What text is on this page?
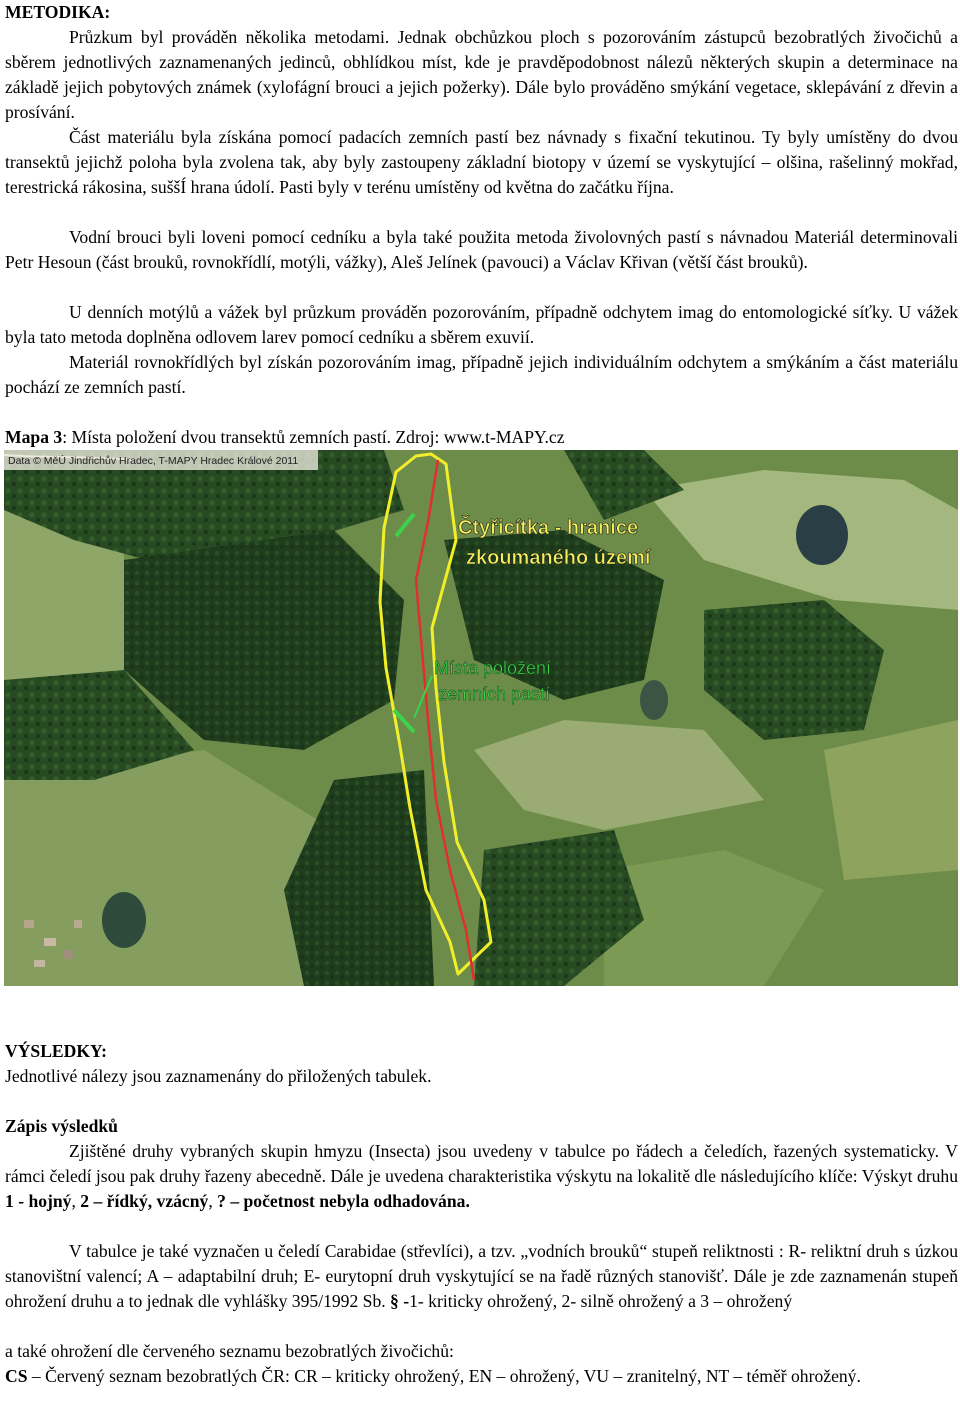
METODIKA:

Průzkum byl prováděn několika metodami. Jednak obchůzkou ploch s pozorováním zástupců bezobratlých živočichů a sběrem jednotlivých zaznamenaných jedinců, obhlídkou míst, kde je pravděpodobnost nálezů některých skupin a determinace na základě jejich pobytových známek (xylofágní brouci a jejich požerky). Dále bylo prováděno smýkání vegetace, sklepávání z dřevin a prosívání.

Část materiálu byla získána pomocí padacích zemních pastí bez návnady s fixační tekutinou. Ty byly umístěny do dvou transektů jejichž poloha byla zvolena tak, aby byly zastoupeny základní biotopy v území se vyskytující – olšina, rašelinný mokřad, terestrická rákosina, suššÍ hrana údolí. Pasti byly v terénu umístěny od května do začátku října.

Vodní brouci byli loveni pomocí cedníku a byla také použita metoda živolovných pastí s návnadou Materiál determinovali Petr Hesoun (část brouků, rovnokřídlí, motýli, vážky), Aleš Jelínek (pavouci) a Václav Křivan (větší část brouků).

U denních motýlů a vážek byl průzkum prováděn pozorováním, případně odchytem imag do entomologické síťky. U vážek byla tato metoda doplněna odlovem larev pomocí cedníku a sběrem exuvií.

Materiál rovnokřídlých byl získán pozorováním imag, případně jejich individuálním odchytem a smýkáním a část materiálu pochází ze zemních pastí.

Mapa 3: Místa položení dvou transektů zemních pastí. Zdroj: www.t-MAPY.cz
Data © MěÚ Jindřichův Hradec, T-MAPY Hradec Králové 2011
Čtyřicítka - hranice
zkoumaného území
Místa položení
zemních pastí
VÝSLEDKY:

Jednotlivé nálezy jsou zaznamenány do přiložených tabulek.

Zápis výsledků

Zjištěné druhy vybraných skupin hmyzu (Insecta) jsou uvedeny v tabulce po řádech a čeledích, řazených systematicky. V rámci čeledí jsou pak druhy řazeny abecedně. Dále je uvedena charakteristika výskytu na lokalitě dle následujícího klíče: Výskyt druhu 1 - hojný, 2 – řídký, vzácný, ? – početnost nebyla odhadována.

V tabulce je také vyznačen u čeledí Carabidae (střevlíci), a tzv. „vodních brouků“ stupeň reliktnosti : R- reliktní druh s úzkou stanovištní valencí; A – adaptabilní druh; E- eurytopní druh vyskytující se na řadě různých stanovišť. Dále je zde zaznamenán stupeň ohrožení druhu a to jednak dle vyhlášky 395/1992 Sb. § -1- kriticky ohrožený, 2- silně ohrožený a 3 – ohrožený

a také ohrožení dle červeného seznamu bezobratlých živočichů:

CS – Červený seznam bezobratlých ČR: CR – kriticky ohrožený, EN – ohrožený, VU – zranitelný, NT – téměř ohrožený.
